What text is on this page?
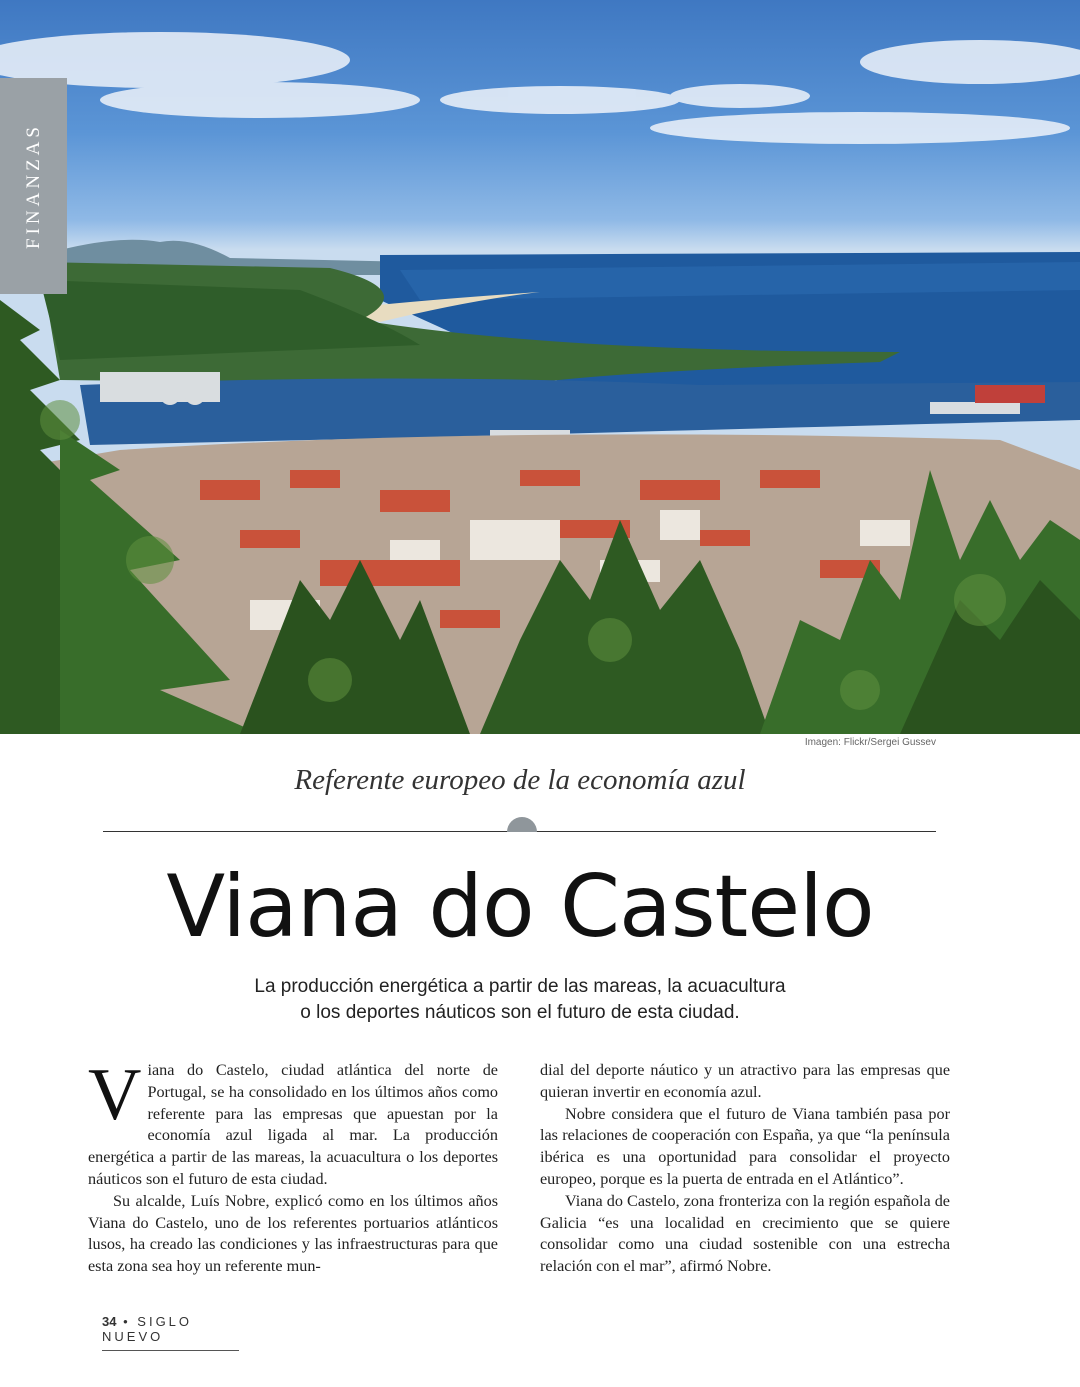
FINANZAS
Imagen: Flickr/Sergei Gussev
Referente europeo de la economía azul
Viana do Castelo
La producción energética a partir de las mareas, la acuacultura
o los deportes náuticos son el futuro de esta ciudad.

Viana do Castelo, ciudad atlántica del norte de Portugal, se ha consolidado en los últimos años como referente para las empresas que apuestan por la economía azul ligada al mar. La producción energética a partir de las mareas, la acuacultura o los deportes náuticos son el futuro de esta ciudad.

Su alcalde, Luís Nobre, explicó como en los últimos años Viana do Castelo, uno de los referentes portuarios atlánticos lusos, ha creado las condiciones y las infraestructuras para que esta zona sea hoy un referente mun-

dial del deporte náutico y un atractivo para las empresas que quieran invertir en economía azul.

Nobre considera que el futuro de Viana también pasa por las relaciones de cooperación con España, ya que “la península ibérica es una oportunidad para consolidar el proyecto europeo, porque es la puerta de entrada en el Atlántico”.

Viana do Castelo, zona fronteriza con la región española de Galicia “es una localidad en crecimiento que se quiere consolidar como una ciudad sostenible con una estrecha relación con el mar”, afirmó Nobre.

34 • SIGLO NUEVO
